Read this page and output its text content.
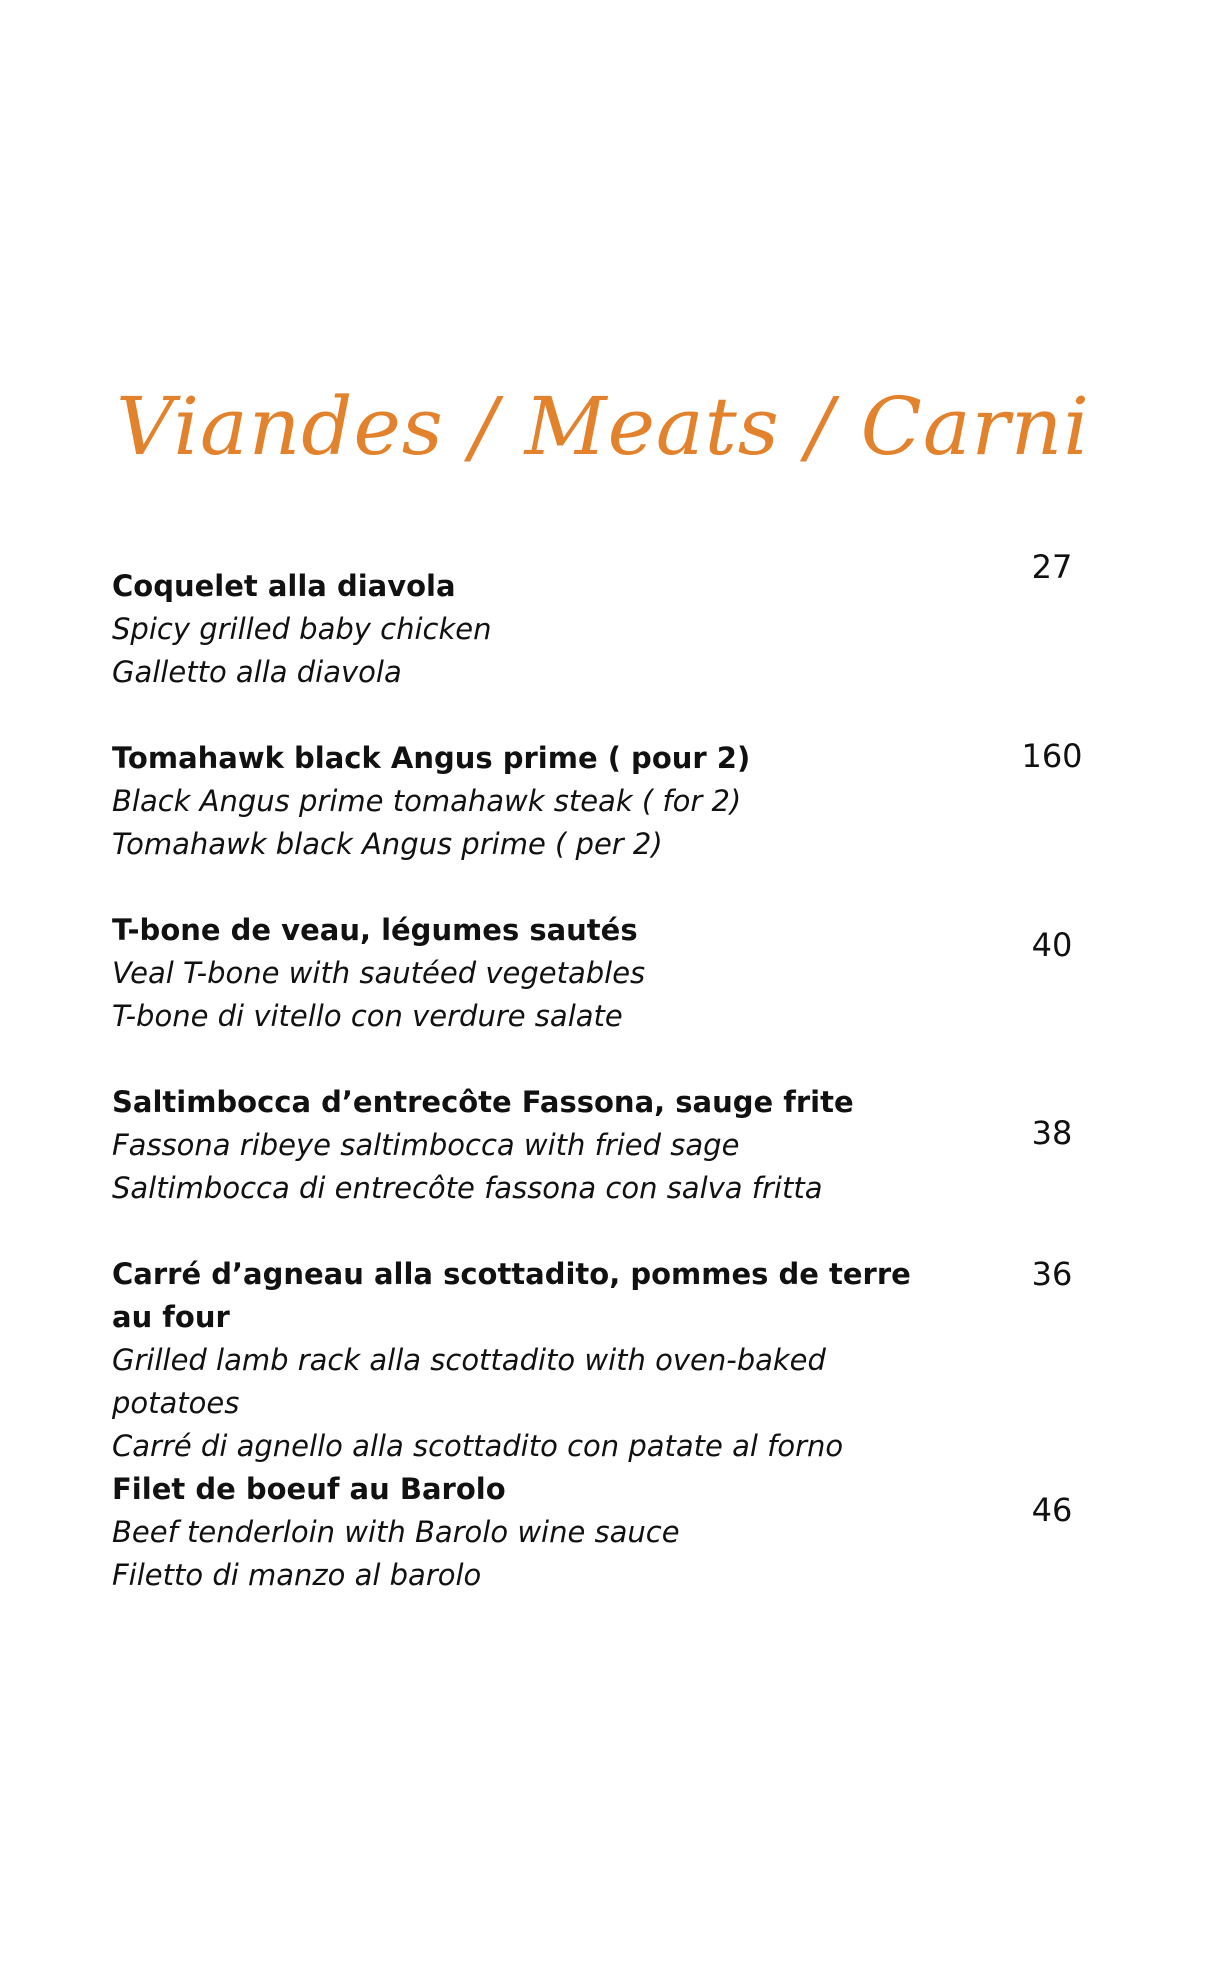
Viandes / Meats / Carni
27

Coquelet alla diavola

Spicy grilled baby chicken

Galletto alla diavola

160

Tomahawk black Angus prime ( pour 2)

Black Angus prime tomahawk steak ( for 2)

Tomahawk black Angus prime ( per 2)

40

T-bone de veau, légumes sautés

Veal T-bone with sautéed vegetables

T-bone di vitello con verdure salate

38

Saltimbocca d’entrecôte Fassona, sauge frite

Fassona ribeye saltimbocca with fried sage

Saltimbocca di entrecôte fassona con salva fritta

36

Carré d’agneau alla scottadito, pommes de terre au four

Grilled lamb rack alla scottadito with oven-baked potatoes

Carré di agnello alla scottadito con patate al forno

46

Filet de boeuf au Barolo

Beef tenderloin with Barolo wine sauce

Filetto di manzo al barolo
